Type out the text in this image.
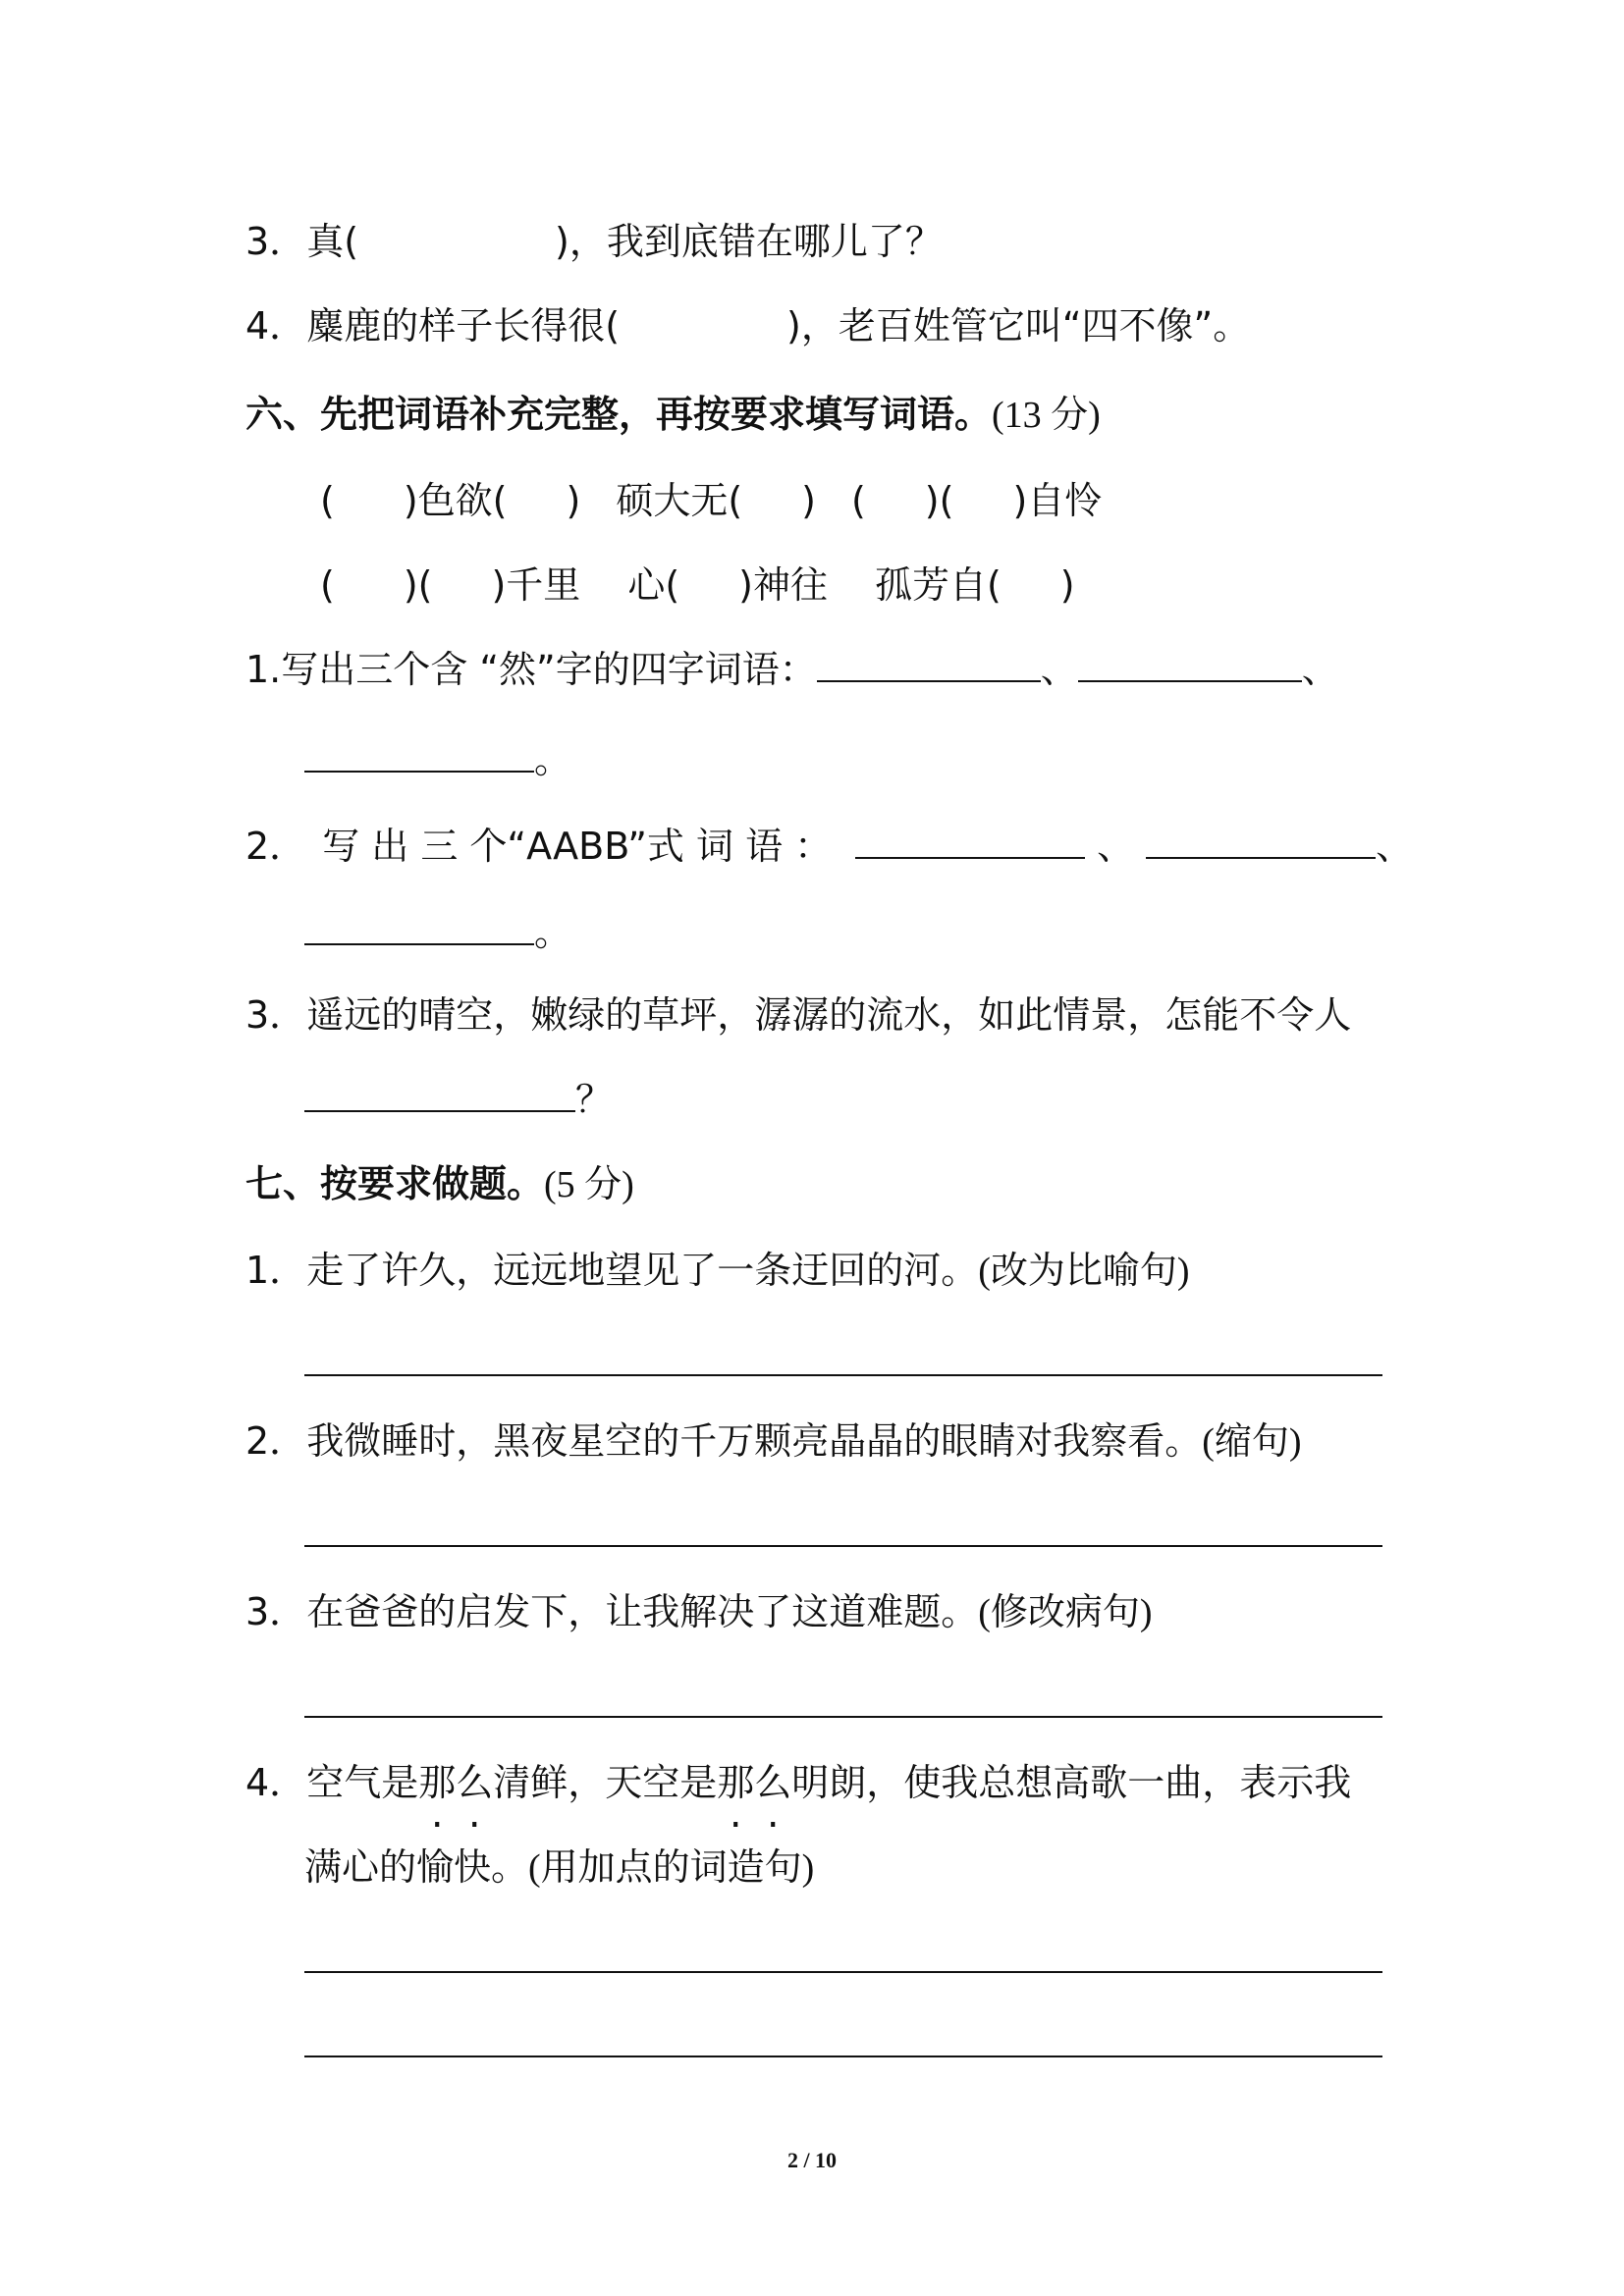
3．真(	)，我到底错在哪儿了？
4．麋鹿的样子长得很(	)，老百姓管它叫“四不像”。
六、先把词语补充完整，再按要求填写词语。(13 分)
( )色欲( ) 硕大无( ) ( )( )自怜
( )( )千里 心( )神往 孤芳自( )
1.写出三个含 “然”字的四字词语：	、	、
。
2． 写 出 三 个“AABB”式 词 语 ：	、	、
。
3．遥远的晴空，嫩绿的草坪，潺潺的流水，如此情景，怎能不令人
？
七、按要求做题。(5 分)
1．走了许久，远远地望见了一条迂回的河。(改为比喻句)
2．我微睡时，黑夜星空的千万颗亮晶晶的眼睛对我察看。(缩句)
3．在爸爸的启发下，让我解决了这道难题。(修改病句)
4．空气是那么清鲜，天空是那么明朗，使我总想高歌一曲，表示我
满心的愉快。(用加点的词造句)
2 / 10
